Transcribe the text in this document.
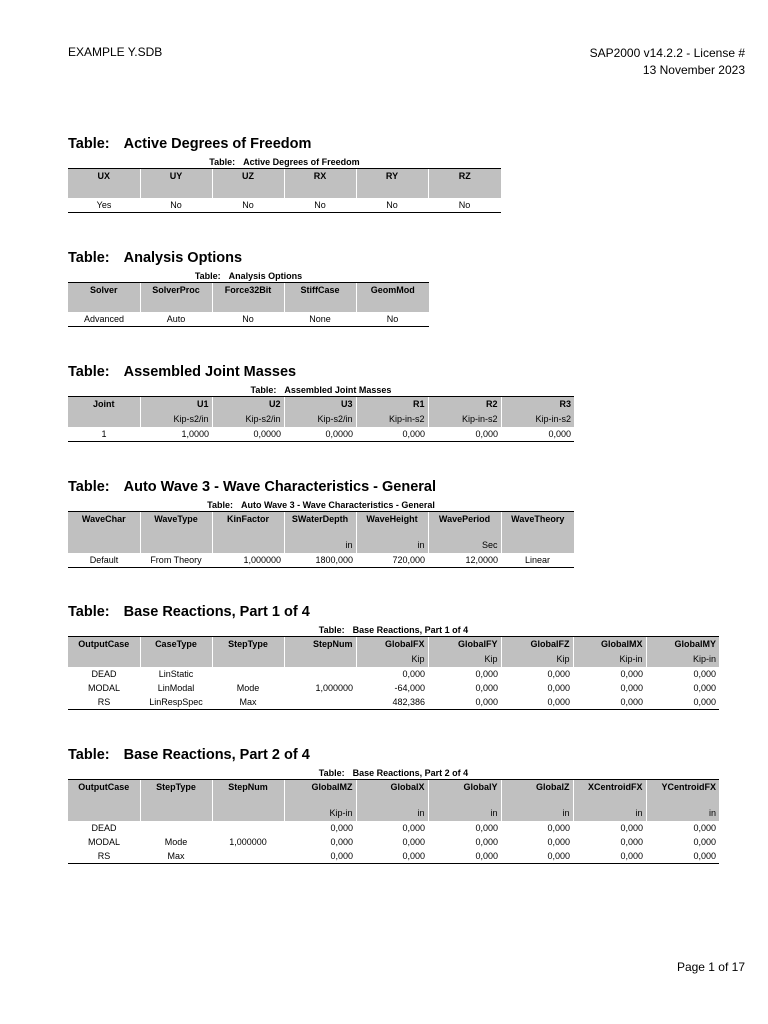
EXAMPLE Y.SDB	SAP2000 v14.2.2 - License #
13 November 2023
Table: Active Degrees of Freedom
Table: Active Degrees of Freedom
UX	UY	UZ	RX	RY	RZ
Yes	No	No	No	No	No
Table: Analysis Options
Table: Analysis Options
Solver	SolverProc	Force32Bit	StiffCase	GeomMod
Advanced	Auto	No	None	No
Table: Assembled Joint Masses
Table: Assembled Joint Masses
Joint	U1	U2	U3	R1	R2	R3
	Kip-s2/in	Kip-s2/in	Kip-s2/in	Kip-in-s2	Kip-in-s2	Kip-in-s2
1	1,0000	0,0000	0,0000	0,000	0,000	0,000
Table: Auto Wave 3 - Wave Characteristics - General
Table: Auto Wave 3 - Wave Characteristics - General
WaveChar	WaveType	KinFactor	SWaterDepth	WaveHeight	WavePeriod	WaveTheory
			in	in	Sec	
Default	From Theory	1,000000	1800,000	720,000	12,0000	Linear
Table: Base Reactions, Part 1 of 4
Table: Base Reactions, Part 1 of 4
OutputCase	CaseType	StepType	StepNum	GlobalFX	GlobalFY	GlobalFZ	GlobalMX	GlobalMY
				Kip	Kip	Kip	Kip-in	Kip-in
DEAD	LinStatic			0,000	0,000	0,000	0,000	0,000
MODAL	LinModal	Mode	1,000000	-64,000	0,000	0,000	0,000	0,000
RS	LinRespSpec	Max		482,386	0,000	0,000	0,000	0,000
Table: Base Reactions, Part 2 of 4
Table: Base Reactions, Part 2 of 4
OutputCase	StepType	StepNum	GlobalMZ	GlobalX	GlobalY	GlobalZ	XCentroidFX	YCentroidFX
			Kip-in	in	in	in	in	in
DEAD			0,000	0,000	0,000	0,000	0,000	0,000
MODAL	Mode	1,000000	0,000	0,000	0,000	0,000	0,000	0,000
RS	Max		0,000	0,000	0,000	0,000	0,000	0,000
Page 1 of 17
